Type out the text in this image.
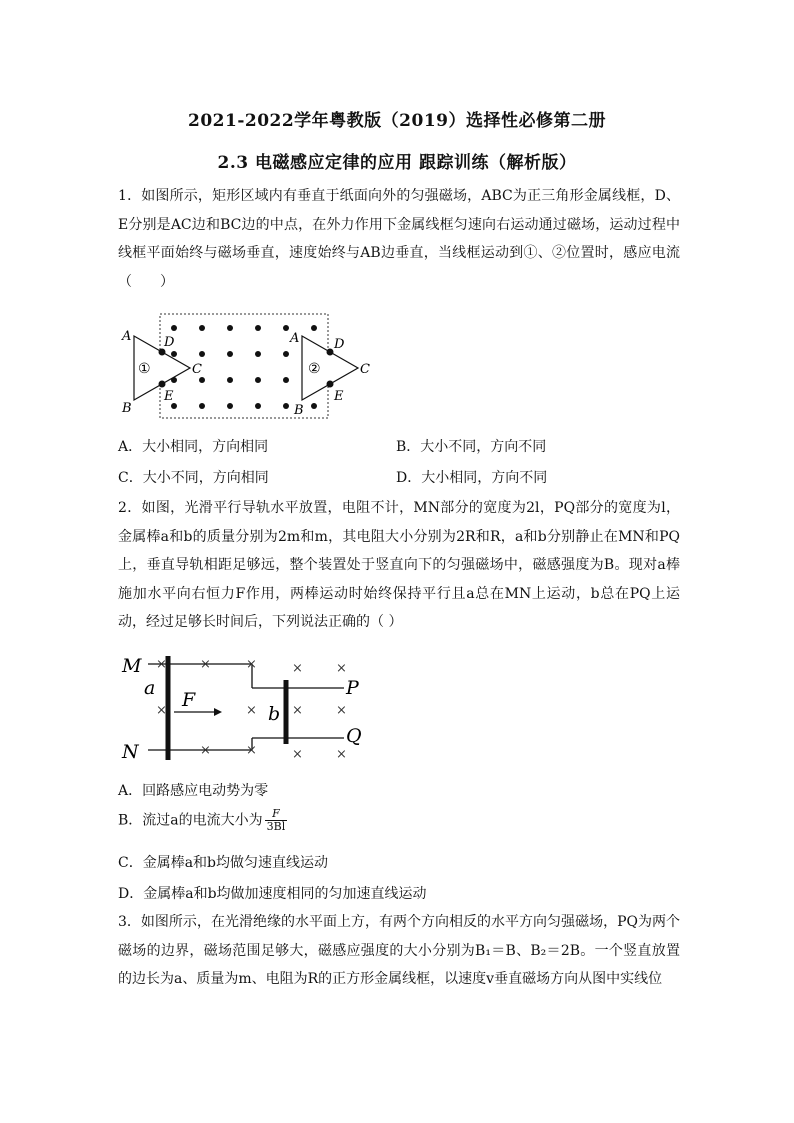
2021-2022学年粤教版（2019）选择性必修第二册
2.3 电磁感应定律的应用 跟踪训练（解析版）
1．如图所示，矩形区域内有垂直于纸面向外的匀强磁场，ABC为正三角形金属线框，D、E分别是AC边和BC边的中点，在外力作用下金属线框匀速向右运动通过磁场，运动过程中线框平面始终与磁场垂直，速度始终与AB边垂直，当线框运动到①、②位置时，感应电流（　　）
A
B
C
D
E
①
A
B
C
D
E
②
A．大小相同，方向相同	B．大小不同，方向不同
C．大小不同，方向相同	D．大小相同，方向不同
2．如图，光滑平行导轨水平放置，电阻不计，MN部分的宽度为2l，PQ部分的宽度为l，金属棒a和b的质量分别为2m和m，其电阻大小分别为2R和R，a和b分别静止在MN和PQ上，垂直导轨相距足够远，整个装置处于竖直向下的匀强磁场中，磁感强度为B。现对a棒施加水平向右恒力F作用，两棒运动时始终保持平行且a总在MN上运动，b总在PQ上运动，经过足够长时间后，下列说法正确的（ ）
×	×	×	×	×
×	×	×	×
×	×	×	×
M
N
P
Q
a
b
F
A．回路感应电动势为零
B．流过a的电流大小为 $\frac{F}{3Bl}$
C．金属棒a和b均做匀速直线运动
D．金属棒a和b均做加速度相同的匀加速直线运动
3．如图所示，在光滑绝缘的水平面上方，有两个方向相反的水平方向匀强磁场，PQ为两个磁场的边界，磁场范围足够大，磁感应强度的大小分别为B₁＝B、B₂＝2B。一个竖直放置的边长为a、质量为m、电阻为R的正方形金属线框，以速度v垂直磁场方向从图中实线位
